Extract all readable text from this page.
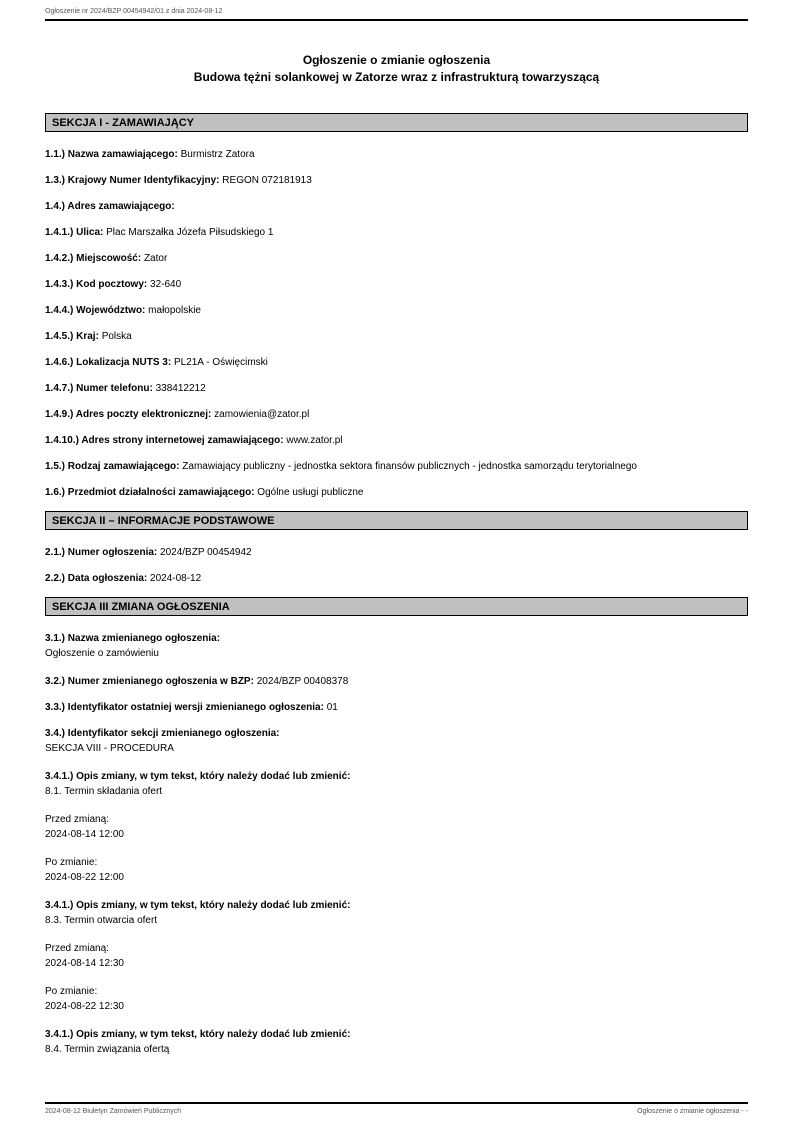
Ogłoszenie nr 2024/BZP 00454942/01 z dnia 2024-08-12
Ogłoszenie o zmianie ogłoszenia
Budowa tężni solankowej w Zatorze wraz z infrastrukturą towarzyszącą
SEKCJA I - ZAMAWIAJĄCY

1.1.) Nazwa zamawiającego: Burmistrz Zatora

1.3.) Krajowy Numer Identyfikacyjny: REGON 072181913

1.4.) Adres zamawiającego:

1.4.1.) Ulica: Plac Marszałka Józefa Piłsudskiego 1

1.4.2.) Miejscowość: Zator

1.4.3.) Kod pocztowy: 32-640

1.4.4.) Województwo: małopolskie

1.4.5.) Kraj: Polska

1.4.6.) Lokalizacja NUTS 3: PL21A - Oświęcimski

1.4.7.) Numer telefonu: 338412212

1.4.9.) Adres poczty elektronicznej: zamowienia@zator.pl

1.4.10.) Adres strony internetowej zamawiającego: www.zator.pl

1.5.) Rodzaj zamawiającego: Zamawiający publiczny - jednostka sektora finansów publicznych - jednostka samorządu terytorialnego

1.6.) Przedmiot działalności zamawiającego: Ogólne usługi publiczne

SEKCJA II – INFORMACJE PODSTAWOWE

2.1.) Numer ogłoszenia: 2024/BZP 00454942

2.2.) Data ogłoszenia: 2024-08-12

SEKCJA III ZMIANA OGŁOSZENIA
3.1.) Nazwa zmienianego ogłoszenia:
Ogłoszenie o zamówieniu

3.2.) Numer zmienianego ogłoszenia w BZP: 2024/BZP 00408378

3.3.) Identyfikator ostatniej wersji zmienianego ogłoszenia: 01

3.4.) Identyfikator sekcji zmienianego ogłoszenia:
SEKCJA VIII - PROCEDURA
3.4.1.) Opis zmiany, w tym tekst, który należy dodać lub zmienić:
8.1. Termin składania ofert
Przed zmianą:
2024-08-14 12:00
Po zmianie:
2024-08-22 12:00
3.4.1.) Opis zmiany, w tym tekst, który należy dodać lub zmienić:
8.3. Termin otwarcia ofert
Przed zmianą:
2024-08-14 12:30
Po zmianie:
2024-08-22 12:30
3.4.1.) Opis zmiany, w tym tekst, który należy dodać lub zmienić:
8.4. Termin związania ofertą
2024-08-12 Biuletyn Zamówień Publicznych	Ogłoszenie o zmianie ogłoszenia - -
